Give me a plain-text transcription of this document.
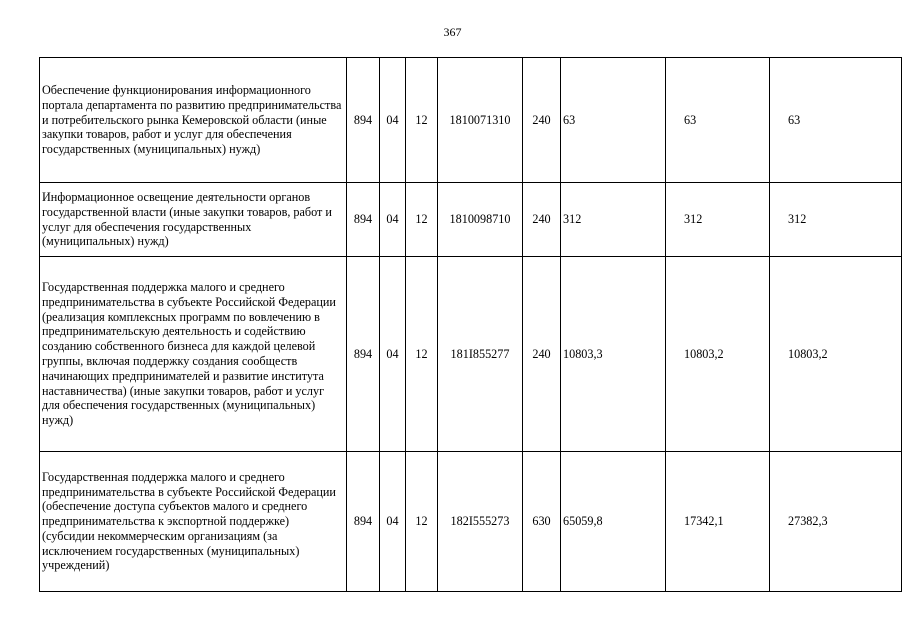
367
Обеспечение функционирования информационного портала департамента по развитию предпринимательства и потребительского рынка Кемеровской области (иные закупки товаров, работ и услуг для обеспечения государственных (муниципальных) нужд)	894	04	12	1810071310	240	63	63	63
Информационное освещение деятельности органов государственной власти (иные закупки товаров, работ и услуг для обеспечения государственных (муниципальных) нужд)	894	04	12	1810098710	240	312	312	312
Государственная поддержка малого и среднего предпринимательства в субъекте Российской Федерации (реализация комплексных программ по вовлечению в предпринимательскую деятельность и содействию созданию собственного бизнеса для каждой целевой группы, включая поддержку создания сообществ начинающих предпринимателей и развитие института наставничества) (иные закупки товаров, работ и услуг для обеспечения государственных (муниципальных) нужд)	894	04	12	181I855277	240	10803,3	10803,2	10803,2
Государственная поддержка малого и среднего предпринимательства в субъекте Российской Федерации (обеспечение доступа субъектов малого и среднего предпринимательства к экспортной поддержке) (субсидии некоммерческим организациям (за исключением государственных (муниципальных) учреждений)	894	04	12	182I555273	630	65059,8	17342,1	27382,3
